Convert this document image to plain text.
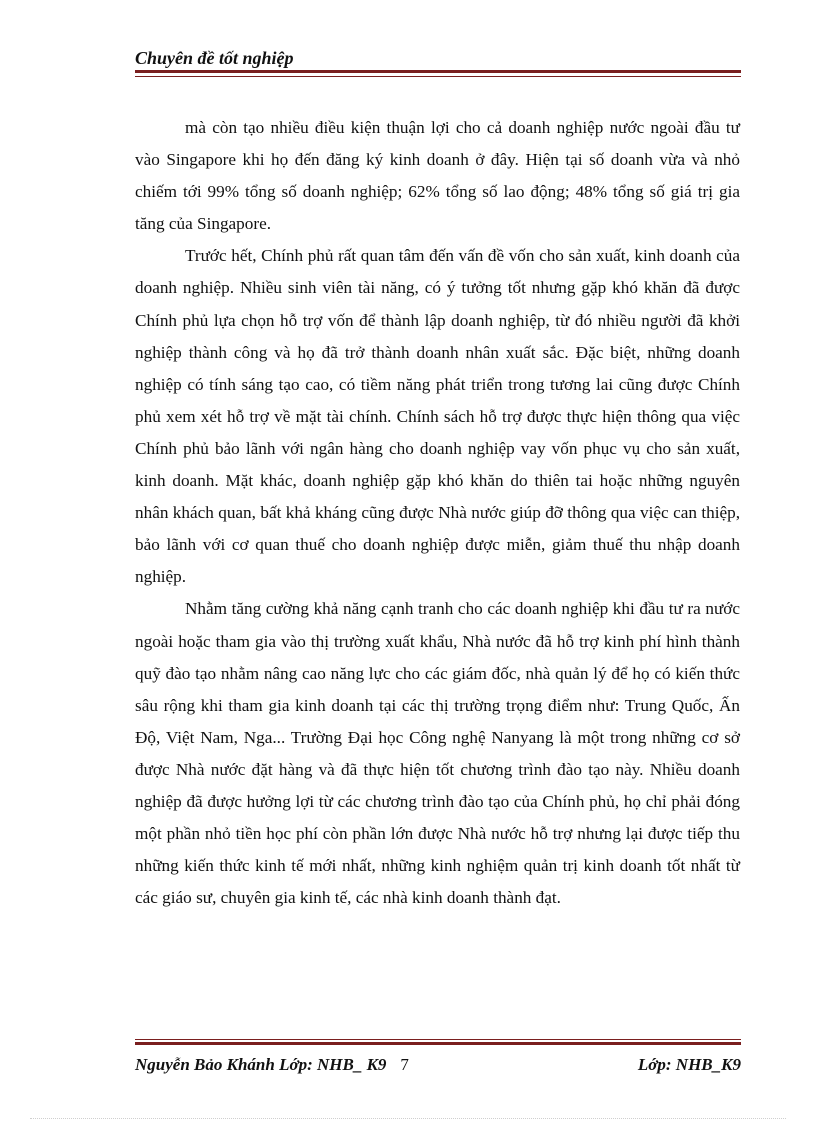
Chuyên đề tốt nghiệp

mà còn tạo nhiều điều kiện thuận lợi cho cả doanh nghiệp nước ngoài đầu tư vào Singapore khi họ đến đăng ký kinh doanh ở đây. Hiện tại số doanh vừa và nhỏ chiếm tới 99% tổng số doanh nghiệp; 62% tổng số lao động; 48% tổng số giá trị gia tăng của Singapore.

Trước hết, Chính phủ rất quan tâm đến vấn đề vốn cho sản xuất, kinh doanh của doanh nghiệp. Nhiều sinh viên tài năng, có ý tưởng tốt nhưng gặp khó khăn đã được Chính phủ lựa chọn hỗ trợ vốn để thành lập doanh nghiệp, từ đó nhiều người đã khởi nghiệp thành công và họ đã trở thành doanh nhân xuất sắc. Đặc biệt, những doanh nghiệp có tính sáng tạo cao, có tiềm năng phát triển trong tương lai cũng được Chính phủ xem xét hỗ trợ về mặt tài chính. Chính sách hỗ trợ được thực hiện thông qua việc Chính phủ bảo lãnh với ngân hàng cho doanh nghiệp vay vốn phục vụ cho sản xuất, kinh doanh. Mặt khác, doanh nghiệp gặp khó khăn do thiên tai hoặc những nguyên nhân khách quan, bất khả kháng cũng được Nhà nước giúp đỡ thông qua việc can thiệp, bảo lãnh với cơ quan thuế cho doanh nghiệp được miễn, giảm thuế thu nhập doanh nghiệp.

Nhằm tăng cường khả năng cạnh tranh cho các doanh nghiệp khi đầu tư ra nước ngoài hoặc tham gia vào thị trường xuất khẩu, Nhà nước đã hỗ trợ kinh phí hình thành quỹ đào tạo nhằm nâng cao năng lực cho các giám đốc, nhà quản lý để họ có kiến thức sâu rộng khi tham gia kinh doanh tại các thị trường trọng điểm như: Trung Quốc, Ấn Độ, Việt Nam, Nga... Trường Đại học Công nghệ Nanyang là một trong những cơ sở được Nhà nước đặt hàng và đã thực hiện tốt chương trình đào tạo này. Nhiều doanh nghiệp đã được hưởng lợi từ các chương trình đào tạo của Chính phủ, họ chỉ phải đóng một phần nhỏ tiền học phí còn phần lớn được Nhà nước hỗ trợ nhưng lại được tiếp thu những kiến thức kinh tế mới nhất, những kinh nghiệm quản trị kinh doanh tốt nhất từ các giáo sư, chuyên gia kinh tế, các nhà kinh doanh thành đạt.

Nguyễn Bảo Khánh Lớp: NHB_ K9 7	Lớp: NHB_K9
